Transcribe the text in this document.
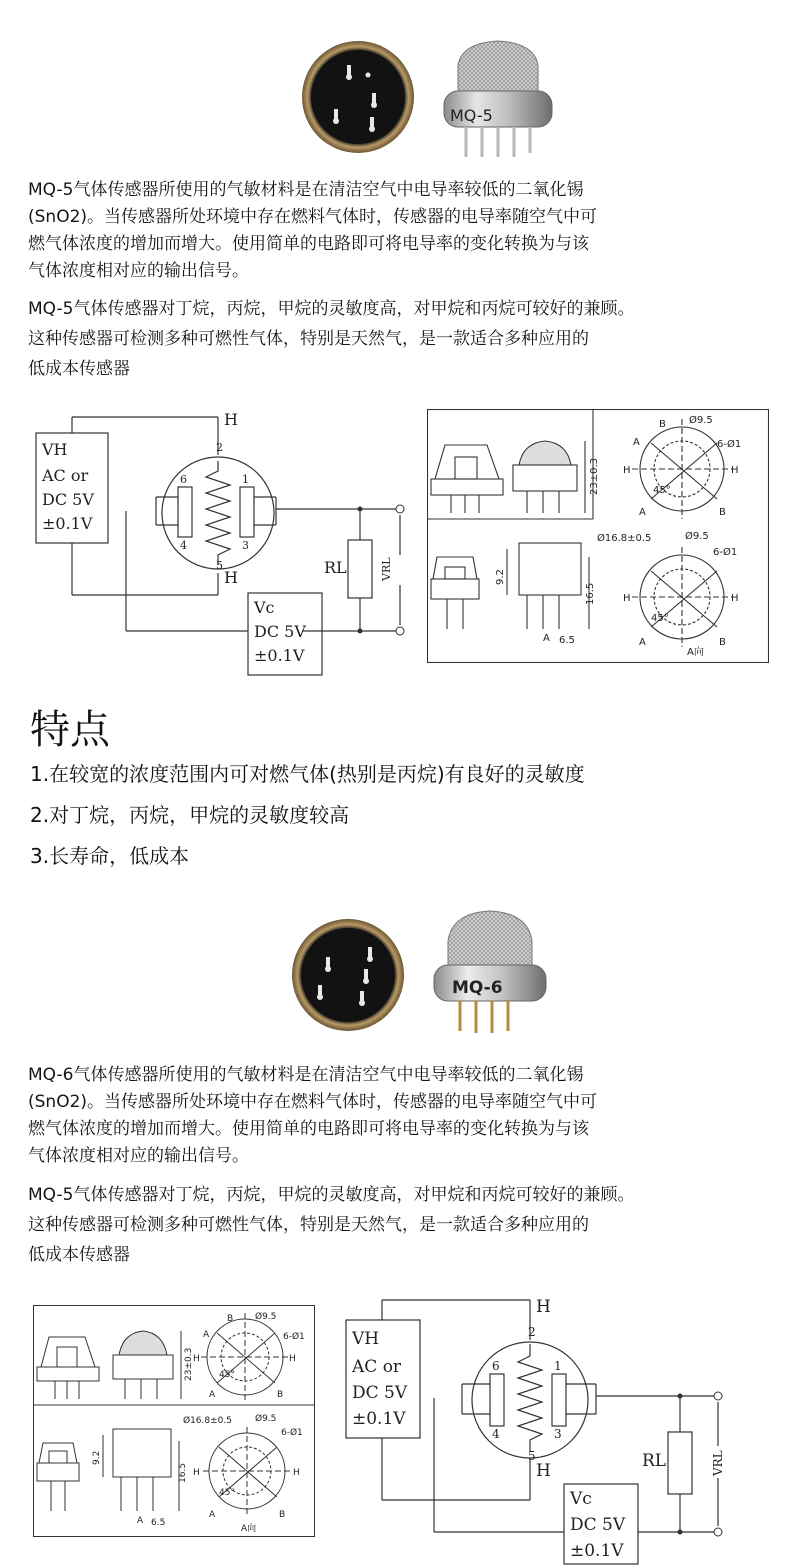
MQ-5
MQ-5气体传感器所使用的气敏材料是在清洁空气中电导率较低的二氧化锡
(SnO2)。当传感器所处环境中存在燃料气体时，传感器的电导率随空气中可
燃气体浓度的增加而增大。使用简单的电路即可将电导率的变化转换为与该
气体浓度相对应的输出信号。
MQ-5气体传感器对丁烷，丙烷，甲烷的灵敏度高，对甲烷和丙烷可较好的兼顾。
这种传感器可检测多种可燃性气体，特别是天然气，是一款适合多种应用的
低成本传感器
VH
AC or
DC 5V
±0.1V
H
H
RL
Vc
DC 5V
±0.1V
2
6	1
4	3
5	VRL
Ø9.5
6-Ø1
A
B
H	H
A	B
45°
23±0.3
Ø16.8±0.5	Ø9.5
6-Ø1
9.2
16.5
A 6.5
H	H
A	B
45°
A向
特点
1.在较宽的浓度范围内可对燃气体(热别是丙烷)有良好的灵敏度
2.对丁烷，丙烷，甲烷的灵敏度较高
3.长寿命，低成本
MQ-6
MQ-6气体传感器所使用的气敏材料是在清洁空气中电导率较低的二氧化锡
(SnO2)。当传感器所处环境中存在燃料气体时，传感器的电导率随空气中可
燃气体浓度的增加而增大。使用简单的电路即可将电导率的变化转换为与该
气体浓度相对应的输出信号。
MQ-5气体传感器对丁烷，丙烷，甲烷的灵敏度高，对甲烷和丙烷可较好的兼顾。
这种传感器可检测多种可燃性气体，特别是天然气，是一款适合多种应用的
低成本传感器
Ø9.5
6-Ø1
A
B
H	H
A	B
45°
23±0.3
Ø16.8±0.5	Ø9.5
6-Ø1
9.2
16.5
A 6.5
H	H
A	B
45°
A向
VH
AC or
DC 5V
±0.1V
H
H	RL
Vc
DC 5V
±0.1V
2
6	1
4	3
5	VRL
